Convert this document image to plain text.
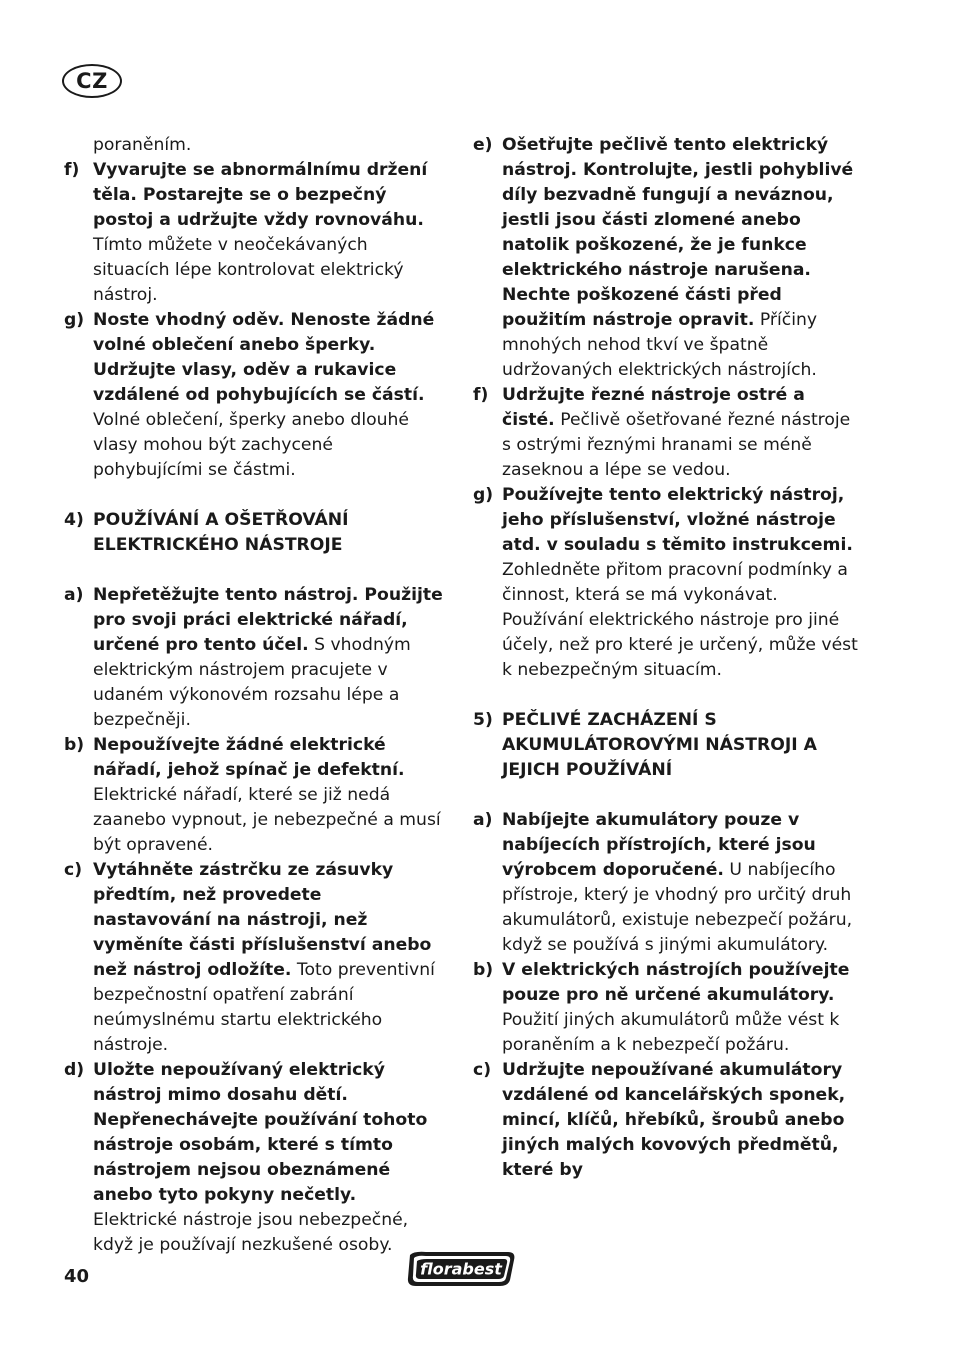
CZ
poraněním.
f) Vyvarujte se abnormálnímu držení těla. Postarejte se o bezpečný postoj a udržujte vždy rovnováhu. Tímto můžete v neočekávaných situacích lépe kontrolovat elektrický nástroj.
g) Noste vhodný oděv. Nenoste žádné volné oblečení anebo šperky. Udržujte vlasy, oděv a rukavice vzdálené od pohybujících se částí. Volné oblečení, šperky anebo dlouhé vlasy mohou být zachycené pohybujícími se částmi.
4) POUŽÍVÁNÍ A OŠETŘOVÁNÍ ELEKTRICKÉHO NÁSTROJE
a) Nepřetěžujte tento nástroj. Použijte pro svoji práci elektrické nářadí, určené pro tento účel. S vhodným elektrickým nástrojem pracujete v udaném výkonovém rozsahu lépe a bezpečněji.
b) Nepoužívejte žádné elektrické nářadí, jehož spínač je defektní. Elektrické nářadí, které se již nedá zaanebo vypnout, je nebezpečné a musí být opravené.
c) Vytáhněte zástrčku ze zásuvky předtím, než provedete nastavování na nástroji, než vyměníte části příslušenství anebo než nástroj odložíte. Toto preventivní bezpečnostní opatření zabrání neúmyslnému startu elektrického nástroje.
d) Uložte nepoužívaný elektrický nástroj mimo dosahu dětí. Nepřenechávejte používání tohoto nástroje osobám, které s tímto nástrojem nejsou obeznámené anebo tyto pokyny nečetly. Elektrické nástroje jsou nebezpečné, když je používají nezkušené osoby.
e) Ošetřujte pečlivě tento elektrický nástroj. Kontrolujte, jestli pohyblivé díly bezvadně fungují a neváznou, jestli jsou části zlomené anebo natolik poškozené, že je funkce elektrického nástroje narušena. Nechte poškozené části před použitím nástroje opravit. Příčiny mnohých nehod tkví ve špatně udržovaných elektrických nástrojích.
f) Udržujte řezné nástroje ostré a čisté. Pečlivě ošetřované řezné nástroje s ostrými řeznými hranami se méně zaseknou a lépe se vedou.
g) Používejte tento elektrický nástroj, jeho příslušenství, vložné nástroje atd. v souladu s těmito instrukcemi. Zohledněte přitom pracovní podmínky a činnost, která se má vykonávat. Používání elektrického nástroje pro jiné účely, než pro které je určený, může vést k nebezpečným situacím.
5) PEČLIVÉ ZACHÁZENÍ S AKUMULÁTOROVÝMI NÁSTROJI A JEJICH POUŽÍVÁNÍ
a) Nabíjejte akumulátory pouze v nabíjecích přístrojích, které jsou výrobcem doporučené. U nabíjecího přístroje, který je vhodný pro určitý druh akumulátorů, existuje nebezpečí požáru, když se používá s jinými akumulátory.
b) V elektrických nástrojích používejte pouze pro ně určené akumulátory. Použití jiných akumulátorů může vést k poraněním a k nebezpečí požáru.
c) Udržujte nepoužívané akumulátory vzdálené od kancelářských sponek, mincí, klíčů, hřebíků, šroubů anebo jiných malých kovových předmětů, které by
40	florabest
